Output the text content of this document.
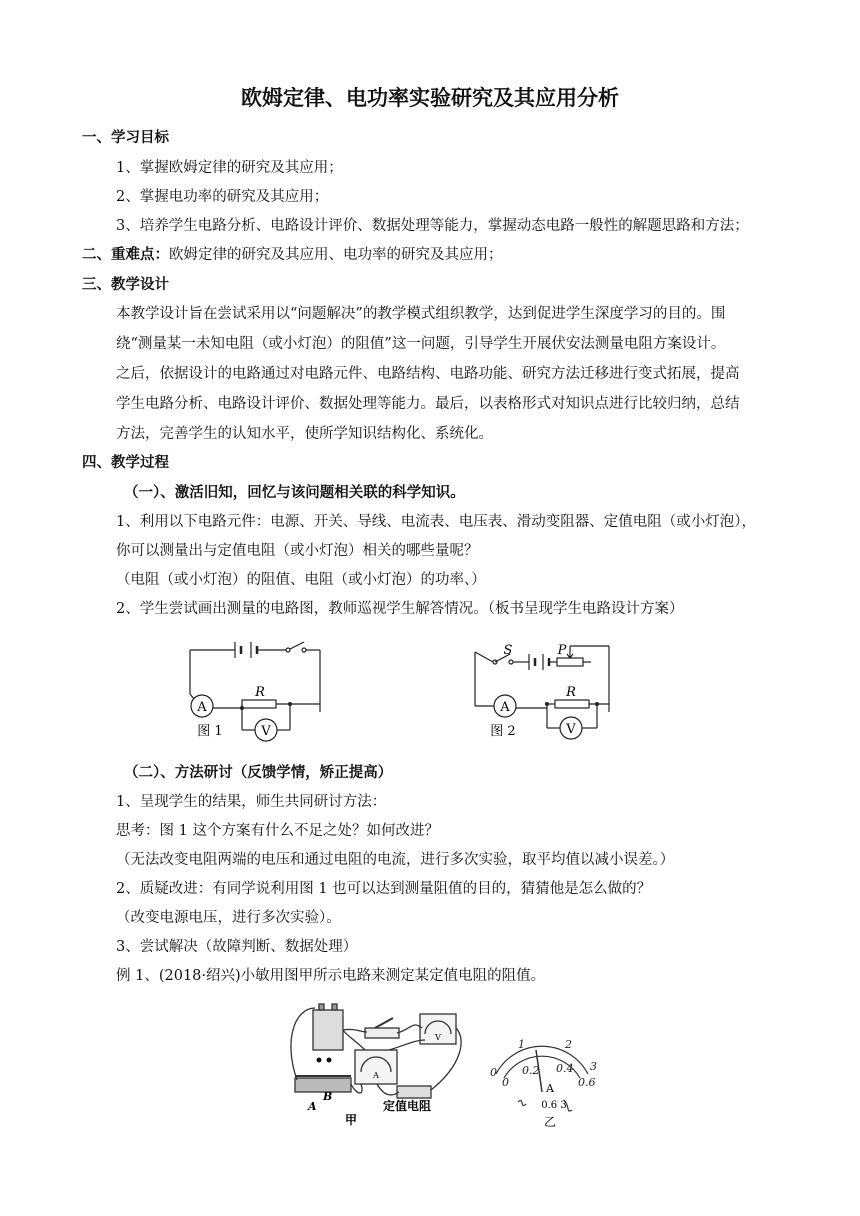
欧姆定律、电功率实验研究及其应用分析
一、学习目标
1、掌握欧姆定律的研究及其应用；
2、掌握电功率的研究及其应用；
3、培养学生电路分析、电路设计评价、数据处理等能力，掌握动态电路一般性的解题思路和方法；
二、重难点：欧姆定律的研究及其应用、电功率的研究及其应用；
三、教学设计
本教学设计旨在尝试采用以“问题解决”的教学模式组织教学，达到促进学生深度学习的目的。围
绕“测量某一未知电阻（或小灯泡）的阻值”这一问题，引导学生开展伏安法测量电阻方案设计。
之后，依据设计的电路通过对电路元件、电路结构、电路功能、研究方法迁移进行变式拓展，提高
学生电路分析、电路设计评价、数据处理等能力。最后，以表格形式对知识点进行比较归纳，总结
方法，完善学生的认知水平，使所学知识结构化、系统化。
四、教学过程
（一）、激活旧知，回忆与该问题相关联的科学知识。
1、利用以下电路元件：电源、开关、导线、电流表、电压表、滑动变阻器、定值电阻（或小灯泡），
你可以测量出与定值电阻（或小灯泡）相关的哪些量呢？
（电阻（或小灯泡）的阻值、电阻（或小灯泡）的功率、）
2、学生尝试画出测量的电路图，教师巡视学生解答情况。（板书呈现学生电路设计方案）
A
V
R
图 1
S	P
A
V
R
图 2
（二）、方法研讨（反馈学情，矫正提高）
1、呈现学生的结果，师生共同研讨方法：
思考：图 1 这个方案有什么不足之处？如何改进？
（无法改变电阻两端的电压和通过电阻的电流，进行多次实验，取平均值以减小误差。）
2、质疑改进：有同学说利用图 1 也可以达到测量阻值的目的，猜猜他是怎么做的？
（改变电源电压，进行多次实验）。
3、尝试解决（故障判断、数据处理）
例 1、(2018·绍兴)小敏用图甲所示电路来测定某定值电阻的阻值。
A
B
V
A
定值电阻
甲
0
1	2
3
0
0.2 0.4
0.6
A
0.6 3
乙
